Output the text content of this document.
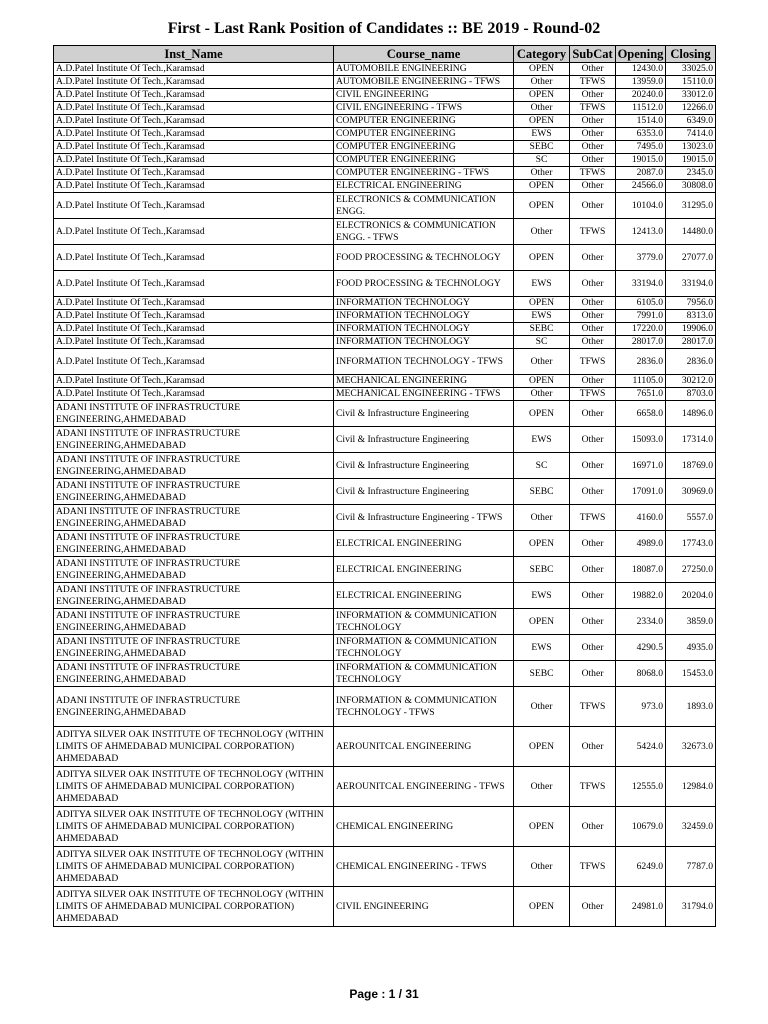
First - Last Rank Position of Candidates :: BE 2019 - Round-02
Inst_Name	Course_name	Category	SubCat	Opening	Closing
A.D.Patel Institute Of Tech.,Karamsad	AUTOMOBILE ENGINEERING	OPEN	Other	12430.0	33025.0
A.D.Patel Institute Of Tech.,Karamsad	AUTOMOBILE ENGINEERING - TFWS	Other	TFWS	13959.0	15110.0
A.D.Patel Institute Of Tech.,Karamsad	CIVIL ENGINEERING	OPEN	Other	20240.0	33012.0
A.D.Patel Institute Of Tech.,Karamsad	CIVIL ENGINEERING - TFWS	Other	TFWS	11512.0	12266.0
A.D.Patel Institute Of Tech.,Karamsad	COMPUTER ENGINEERING	OPEN	Other	1514.0	6349.0
A.D.Patel Institute Of Tech.,Karamsad	COMPUTER ENGINEERING	EWS	Other	6353.0	7414.0
A.D.Patel Institute Of Tech.,Karamsad	COMPUTER ENGINEERING	SEBC	Other	7495.0	13023.0
A.D.Patel Institute Of Tech.,Karamsad	COMPUTER ENGINEERING	SC	Other	19015.0	19015.0
A.D.Patel Institute Of Tech.,Karamsad	COMPUTER ENGINEERING - TFWS	Other	TFWS	2087.0	2345.0
A.D.Patel Institute Of Tech.,Karamsad	ELECTRICAL ENGINEERING	OPEN	Other	24566.0	30808.0
A.D.Patel Institute Of Tech.,Karamsad	ELECTRONICS & COMMUNICATION ENGG.	OPEN	Other	10104.0	31295.0
A.D.Patel Institute Of Tech.,Karamsad	ELECTRONICS & COMMUNICATION ENGG. - TFWS	Other	TFWS	12413.0	14480.0
A.D.Patel Institute Of Tech.,Karamsad	FOOD PROCESSING & TECHNOLOGY	OPEN	Other	3779.0	27077.0
A.D.Patel Institute Of Tech.,Karamsad	FOOD PROCESSING & TECHNOLOGY	EWS	Other	33194.0	33194.0
A.D.Patel Institute Of Tech.,Karamsad	INFORMATION TECHNOLOGY	OPEN	Other	6105.0	7956.0
A.D.Patel Institute Of Tech.,Karamsad	INFORMATION TECHNOLOGY	EWS	Other	7991.0	8313.0
A.D.Patel Institute Of Tech.,Karamsad	INFORMATION TECHNOLOGY	SEBC	Other	17220.0	19906.0
A.D.Patel Institute Of Tech.,Karamsad	INFORMATION TECHNOLOGY	SC	Other	28017.0	28017.0
A.D.Patel Institute Of Tech.,Karamsad	INFORMATION TECHNOLOGY - TFWS	Other	TFWS	2836.0	2836.0
A.D.Patel Institute Of Tech.,Karamsad	MECHANICAL ENGINEERING	OPEN	Other	11105.0	30212.0
A.D.Patel Institute Of Tech.,Karamsad	MECHANICAL ENGINEERING - TFWS	Other	TFWS	7651.0	8703.0
ADANI INSTITUTE OF INFRASTRUCTURE ENGINEERING,AHMEDABAD	Civil & Infrastructure Engineering	OPEN	Other	6658.0	14896.0
ADANI INSTITUTE OF INFRASTRUCTURE ENGINEERING,AHMEDABAD	Civil & Infrastructure Engineering	EWS	Other	15093.0	17314.0
ADANI INSTITUTE OF INFRASTRUCTURE ENGINEERING,AHMEDABAD	Civil & Infrastructure Engineering	SC	Other	16971.0	18769.0
ADANI INSTITUTE OF INFRASTRUCTURE ENGINEERING,AHMEDABAD	Civil & Infrastructure Engineering	SEBC	Other	17091.0	30969.0
ADANI INSTITUTE OF INFRASTRUCTURE ENGINEERING,AHMEDABAD	Civil & Infrastructure Engineering - TFWS	Other	TFWS	4160.0	5557.0
ADANI INSTITUTE OF INFRASTRUCTURE ENGINEERING,AHMEDABAD	ELECTRICAL ENGINEERING	OPEN	Other	4989.0	17743.0
ADANI INSTITUTE OF INFRASTRUCTURE ENGINEERING,AHMEDABAD	ELECTRICAL ENGINEERING	SEBC	Other	18087.0	27250.0
ADANI INSTITUTE OF INFRASTRUCTURE ENGINEERING,AHMEDABAD	ELECTRICAL ENGINEERING	EWS	Other	19882.0	20204.0
ADANI INSTITUTE OF INFRASTRUCTURE ENGINEERING,AHMEDABAD	INFORMATION & COMMUNICATION TECHNOLOGY	OPEN	Other	2334.0	3859.0
ADANI INSTITUTE OF INFRASTRUCTURE ENGINEERING,AHMEDABAD	INFORMATION & COMMUNICATION TECHNOLOGY	EWS	Other	4290.5	4935.0
ADANI INSTITUTE OF INFRASTRUCTURE ENGINEERING,AHMEDABAD	INFORMATION & COMMUNICATION TECHNOLOGY	SEBC	Other	8068.0	15453.0
ADANI INSTITUTE OF INFRASTRUCTURE ENGINEERING,AHMEDABAD	INFORMATION & COMMUNICATION TECHNOLOGY - TFWS	Other	TFWS	973.0	1893.0
ADITYA SILVER OAK INSTITUTE OF TECHNOLOGY (WITHIN LIMITS OF AHMEDABAD MUNICIPAL CORPORATION) AHMEDABAD	AEROUNITCAL ENGINEERING	OPEN	Other	5424.0	32673.0
ADITYA SILVER OAK INSTITUTE OF TECHNOLOGY (WITHIN LIMITS OF AHMEDABAD MUNICIPAL CORPORATION) AHMEDABAD	AEROUNITCAL ENGINEERING - TFWS	Other	TFWS	12555.0	12984.0
ADITYA SILVER OAK INSTITUTE OF TECHNOLOGY (WITHIN LIMITS OF AHMEDABAD MUNICIPAL CORPORATION) AHMEDABAD	CHEMICAL ENGINEERING	OPEN	Other	10679.0	32459.0
ADITYA SILVER OAK INSTITUTE OF TECHNOLOGY (WITHIN LIMITS OF AHMEDABAD MUNICIPAL CORPORATION) AHMEDABAD	CHEMICAL ENGINEERING - TFWS	Other	TFWS	6249.0	7787.0
ADITYA SILVER OAK INSTITUTE OF TECHNOLOGY (WITHIN LIMITS OF AHMEDABAD MUNICIPAL CORPORATION) AHMEDABAD	CIVIL ENGINEERING	OPEN	Other	24981.0	31794.0
Page : 1 / 31
